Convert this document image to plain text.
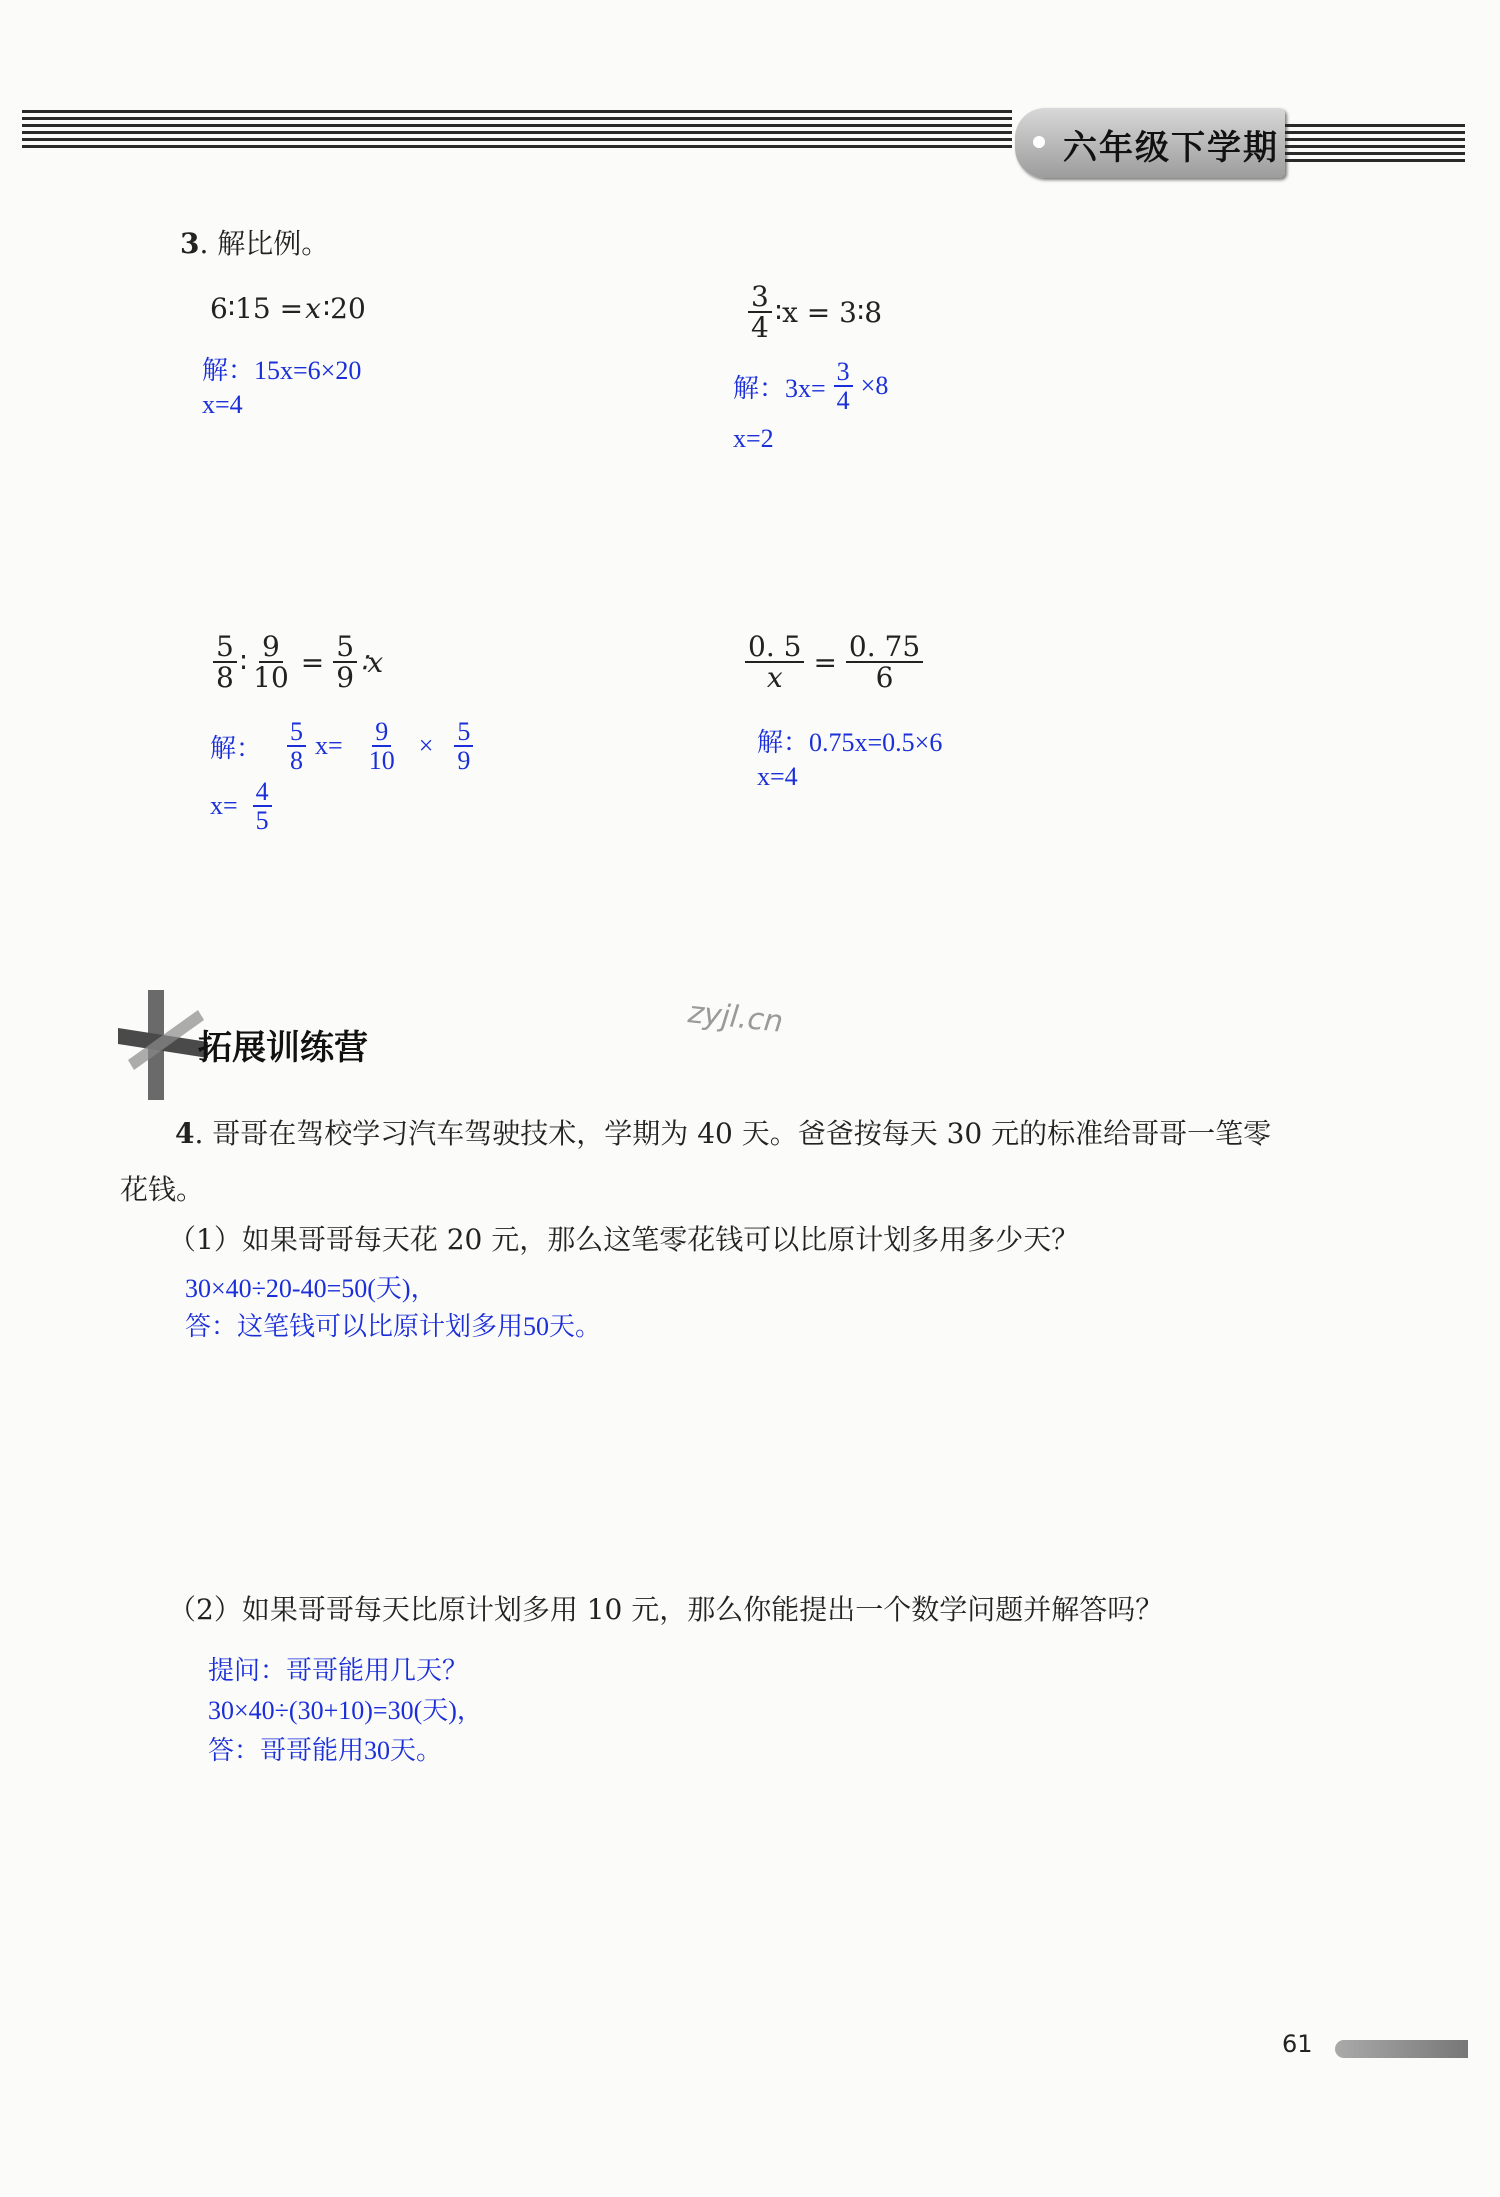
六年级下学期
3. 解比例。
6∶15 = x ∶20
解：15x=6×20
x=4
$\frac{3}{4}$ ∶x = 3∶8
解：$3x= \frac{3}{4} \times 8$
x=2
$\frac{5}{8}$ ∶ $\frac{9}{10} = \frac{5}{9}$ ∶x
解： $\frac{5}{8} x= \frac{9}{10} \times \frac{5}{9}$
$x= \frac{4}{5}$
$\frac{0. 5}{x} = \frac{0. 75}{6}$
解：0.75x=0.5×6
x=4
拓展训练营
zyjl.cn
4. 哥哥在驾校学习汽车驾驶技术，学期为 40 天。爸爸按每天 30 元的标准给哥哥一笔零
花钱。
（1）如果哥哥每天花 20 元，那么这笔零花钱可以比原计划多用多少天？
30×40÷20-40=50(天)，
答：这笔钱可以比原计划多用50天。
（2）如果哥哥每天比原计划多用 10 元，那么你能提出一个数学问题并解答吗？
提问：哥哥能用几天？
30×40÷(30+10)=30(天)，
答：哥哥能用30天。
61
